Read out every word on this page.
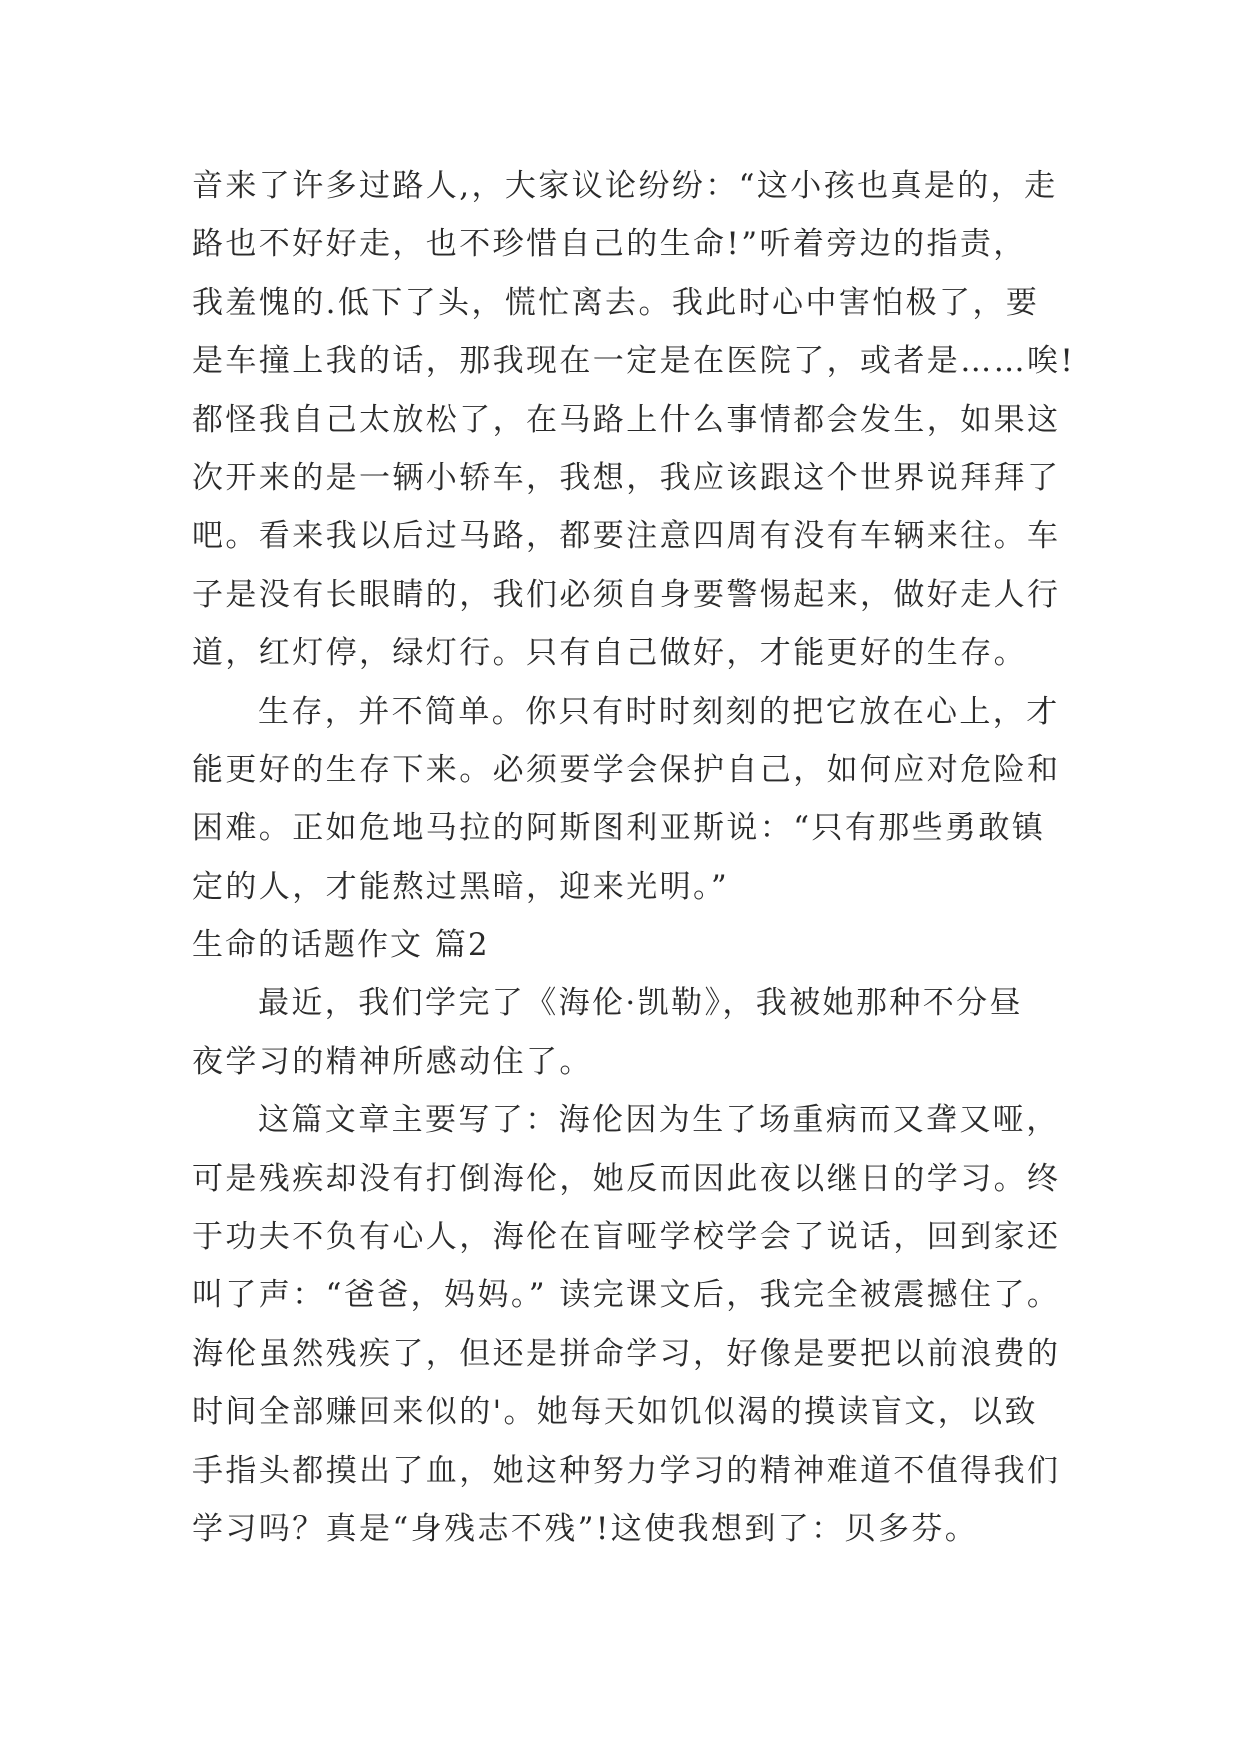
音来了许多过路人,，大家议论纷纷：“这小孩也真是的，走
路也不好好走，也不珍惜自己的生命!”听着旁边的指责，
我羞愧的.低下了头，慌忙离去。我此时心中害怕极了，要
是车撞上我的话，那我现在一定是在医院了，或者是……唉!
都怪我自己太放松了，在马路上什么事情都会发生，如果这
次开来的是一辆小轿车，我想，我应该跟这个世界说拜拜了
吧。看来我以后过马路，都要注意四周有没有车辆来往。车
子是没有长眼睛的，我们必须自身要警惕起来，做好走人行
道，红灯停，绿灯行。只有自己做好，才能更好的生存。
生存，并不简单。你只有时时刻刻的把它放在心上，才
能更好的生存下来。必须要学会保护自己，如何应对危险和
困难。正如危地马拉的阿斯图利亚斯说：“只有那些勇敢镇
定的人，才能熬过黑暗，迎来光明。”
生命的话题作文 篇2
最近，我们学完了《海伦·凯勒》，我被她那种不分昼
夜学习的精神所感动住了。
这篇文章主要写了：海伦因为生了场重病而又聋又哑，
可是残疾却没有打倒海伦，她反而因此夜以继日的学习。终
于功夫不负有心人，海伦在盲哑学校学会了说话，回到家还
叫了声：“爸爸，妈妈。” 读完课文后，我完全被震撼住了。
海伦虽然残疾了，但还是拼命学习，好像是要把以前浪费的
时间全部赚回来似的'。她每天如饥似渴的摸读盲文，以致
手指头都摸出了血，她这种努力学习的精神难道不值得我们
学习吗？真是“身残志不残”!这使我想到了：贝多芬。
